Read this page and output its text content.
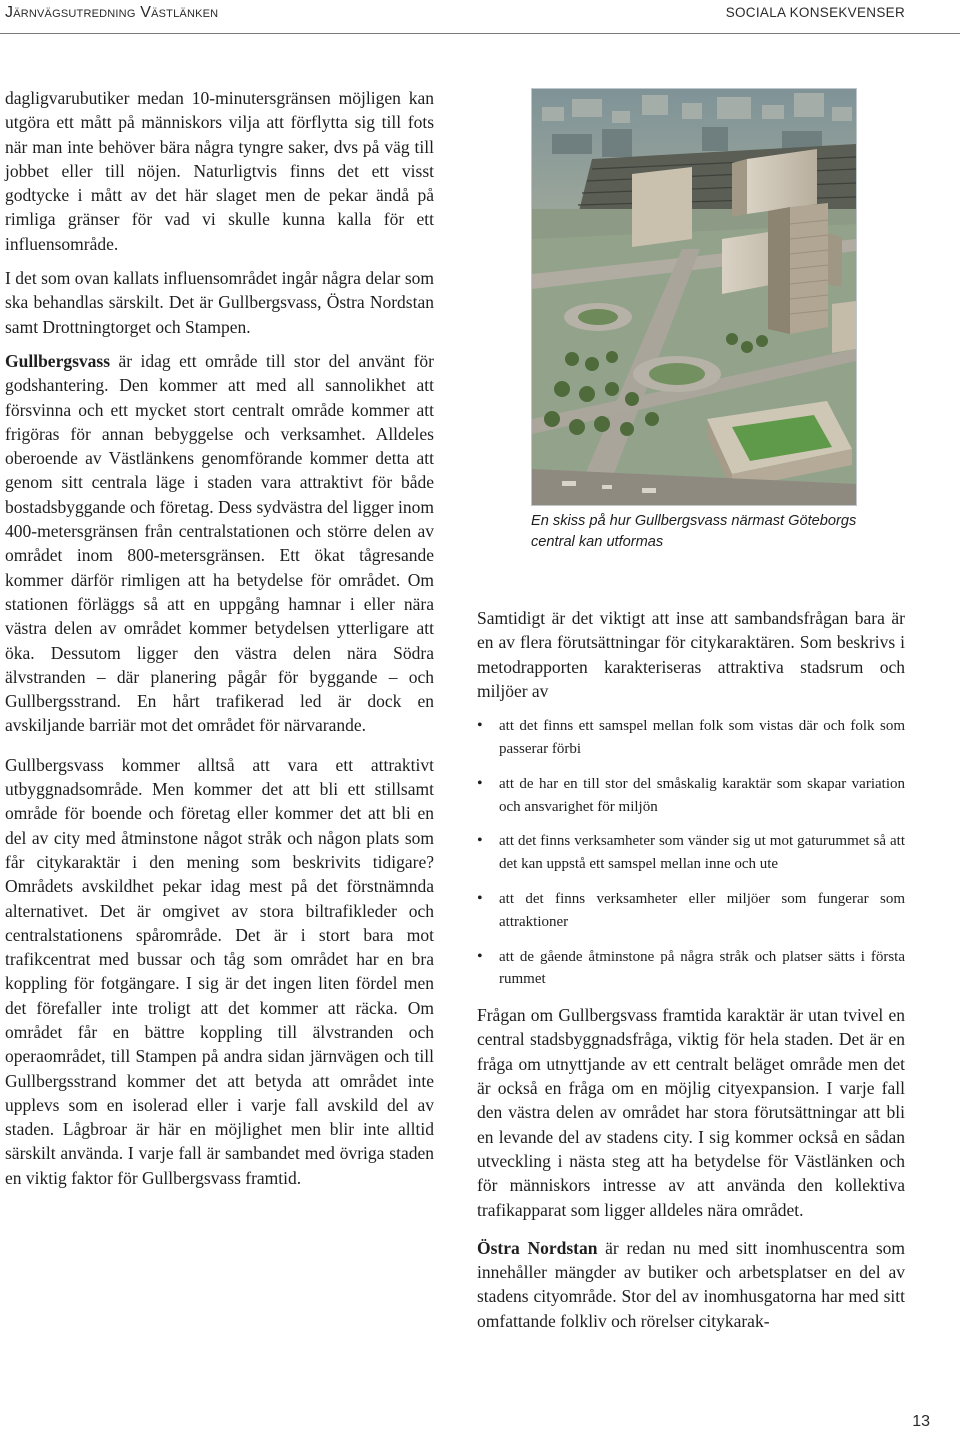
Järnvägsutredning Västlänken	SOCIALA KONSEKVENSER

dagligvarubutiker medan 10-minutersgränsen möjligen kan utgöra ett mått på människors vilja att förflytta sig till fots när man inte behöver bära några tyngre saker, dvs på väg till jobbet eller till nöjen. Naturligtvis finns det ett visst godtycke i mått av det här slaget men de pekar ändå på rimliga gränser för vad vi skulle kunna kalla för ett influensområde.

I det som ovan kallats influensområdet ingår några delar som ska behandlas särskilt. Det är Gullbergsvass, Östra Nordstan samt Drottningtorget och Stampen.

Gullbergsvass är idag ett område till stor del använt för godshantering. Den kommer att med all sannolikhet att försvinna och ett mycket stort centralt område kommer att frigöras för annan bebyggelse och verksamhet. Alldeles oberoende av Västlänkens genomförande kommer detta att genom sitt centrala läge i staden vara attraktivt för både bostadsbyggande och företag. Dess sydvästra del ligger inom 400-metersgränsen från centralstationen och större delen av området inom 800-metersgränsen. Ett ökat tågresande kommer därför rimligen att ha betydelse för området. Om stationen förläggs så att en uppgång hamnar i eller nära västra delen av området kommer betydelsen ytterligare att öka. Dessutom ligger den västra delen nära Södra älvstranden – där planering pågår för byggande – och Gullbergsstrand. En hårt trafikerad led är dock en avskiljande barriär mot det området för närvarande.

Gullbergsvass kommer alltså att vara ett attraktivt utbyggnadsområde. Men kommer det att bli ett stillsamt område för boende och företag eller kommer det att bli en del av city med åtminstone något stråk och någon plats som får citykaraktär i den mening som beskrivits tidigare? Områdets avskildhet pekar idag mest på det förstnämnda alternativet. Det är omgivet av stora biltrafikleder och centralstationens spårområde. Det är i stort bara mot trafikcentrat med bussar och tåg som området har en bra koppling för fotgängare. I sig är det ingen liten fördel men det förefaller inte troligt att det kommer att räcka. Om området får en bättre koppling till älvstranden och operaområdet, till Stampen på andra sidan järnvägen och till Gullbergsstrand kommer det att betyda att området inte upplevs som en isolerad eller i varje fall avskild del av staden. Lågbroar är här en möjlighet men blir inte alltid särskilt använda. I varje fall är sambandet med övriga staden en viktig faktor för Gullbergsvass framtid.

En skiss på hur Gullbergsvass närmast Göteborgs central kan utformas

Samtidigt är det viktigt att inse att sambandsfrågan bara är en av flera förutsättningar för citykaraktären. Som beskrivs i metodrapporten karakteriseras attraktiva stadsrum och miljöer av

• att det finns ett samspel mellan folk som vistas där och folk som passerar förbi
• att de har en till stor del småskalig karaktär som skapar variation och ansvarighet för miljön
• att det finns verksamheter som vänder sig ut mot gaturummet så att det kan uppstå ett samspel mellan inne och ute
• att det finns verksamheter eller miljöer som fungerar som attraktioner
• att de gående åtminstone på några stråk och platser sätts i första rummet

Frågan om Gullbergsvass framtida karaktär är utan tvivel en central stadsbyggnadsfråga, viktig för hela staden. Det är en fråga om utnyttjande av ett centralt beläget område men det är också en fråga om en möjlig cityexpansion. I varje fall den västra delen av området har stora förutsättningar att bli en levande del av stadens city. I sig kommer också en sådan utveckling i nästa steg att ha betydelse för Västlänken och för människors intresse av att använda den kollektiva trafikapparat som ligger alldeles nära området.

Östra Nordstan är redan nu med sitt inomhuscentra som innehåller mängder av butiker och arbetsplatser en del av stadens cityområde. Stor del av inomhusgatorna har med sitt omfattande folkliv och rörelser citykarak-

13
